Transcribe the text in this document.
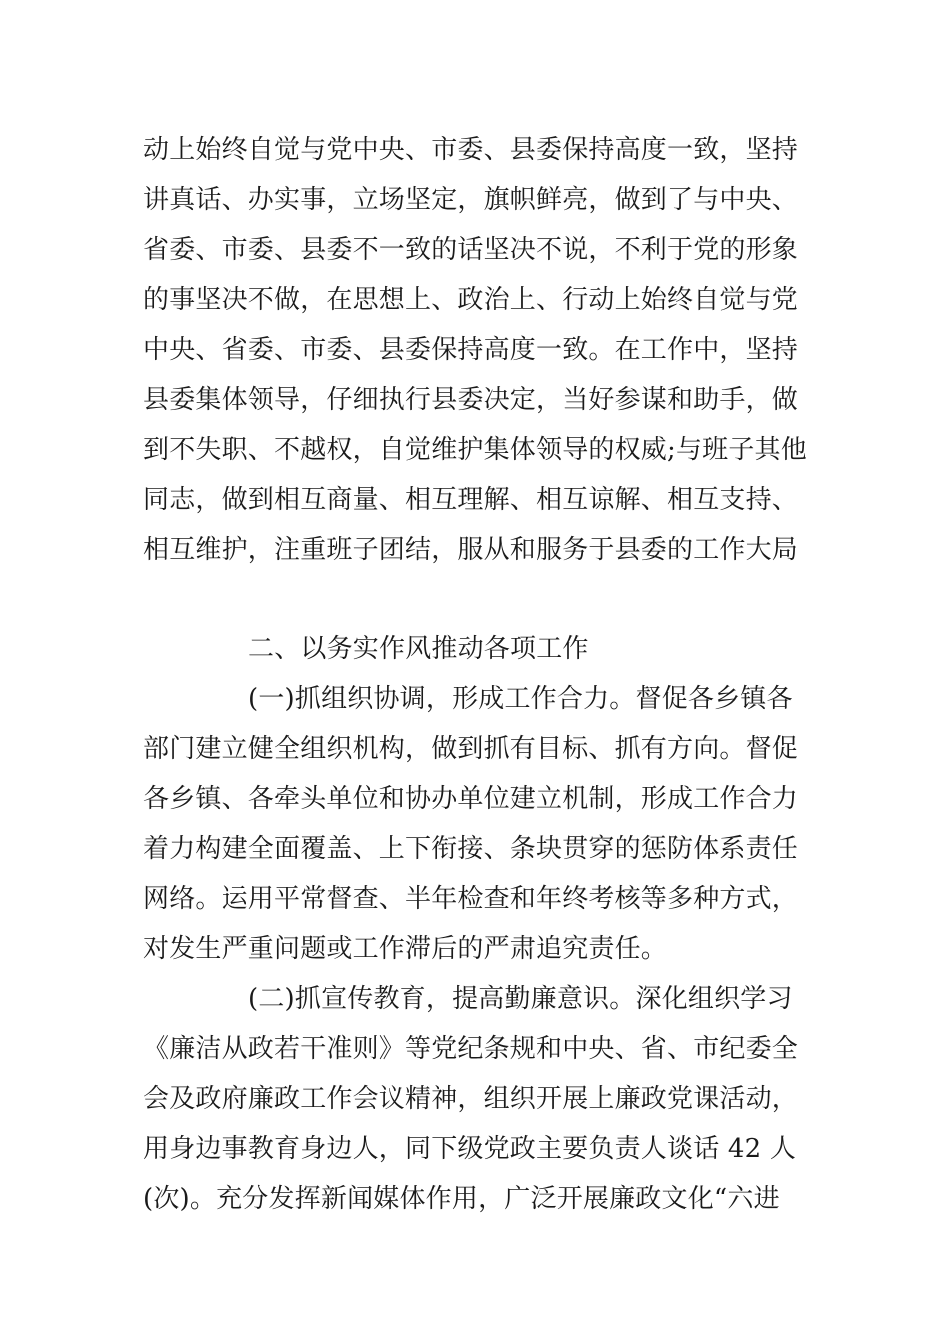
动上始终自觉与党中央、市委、县委保持高度一致，坚持
讲真话、办实事，立场坚定，旗帜鲜亮，做到了与中央、
省委、市委、县委不一致的话坚决不说，不利于党的形象
的事坚决不做，在思想上、政治上、行动上始终自觉与党
中央、省委、市委、县委保持高度一致。在工作中，坚持
县委集体领导，仔细执行县委决定，当好参谋和助手，做
到不失职、不越权，自觉维护集体领导的权威;与班子其他
同志，做到相互商量、相互理解、相互谅解、相互支持、
相互维护，注重班子团结，服从和服务于县委的工作大局
二、以务实作风推动各项工作
(一)抓组织协调，形成工作合力。督促各乡镇各
部门建立健全组织机构，做到抓有目标、抓有方向。督促
各乡镇、各牵头单位和协办单位建立机制，形成工作合力
着力构建全面覆盖、上下衔接、条块贯穿的惩防体系责任
网络。运用平常督查、半年检查和年终考核等多种方式，
对发生严重问题或工作滞后的严肃追究责任。
(二)抓宣传教育，提高勤廉意识。深化组织学习
《廉洁从政若干准则》等党纪条规和中央、省、市纪委全
会及政府廉政工作会议精神，组织开展上廉政党课活动，
用身边事教育身边人，同下级党政主要负责人谈话 42 人
(次)。充分发挥新闻媒体作用，广泛开展廉政文化“六进
